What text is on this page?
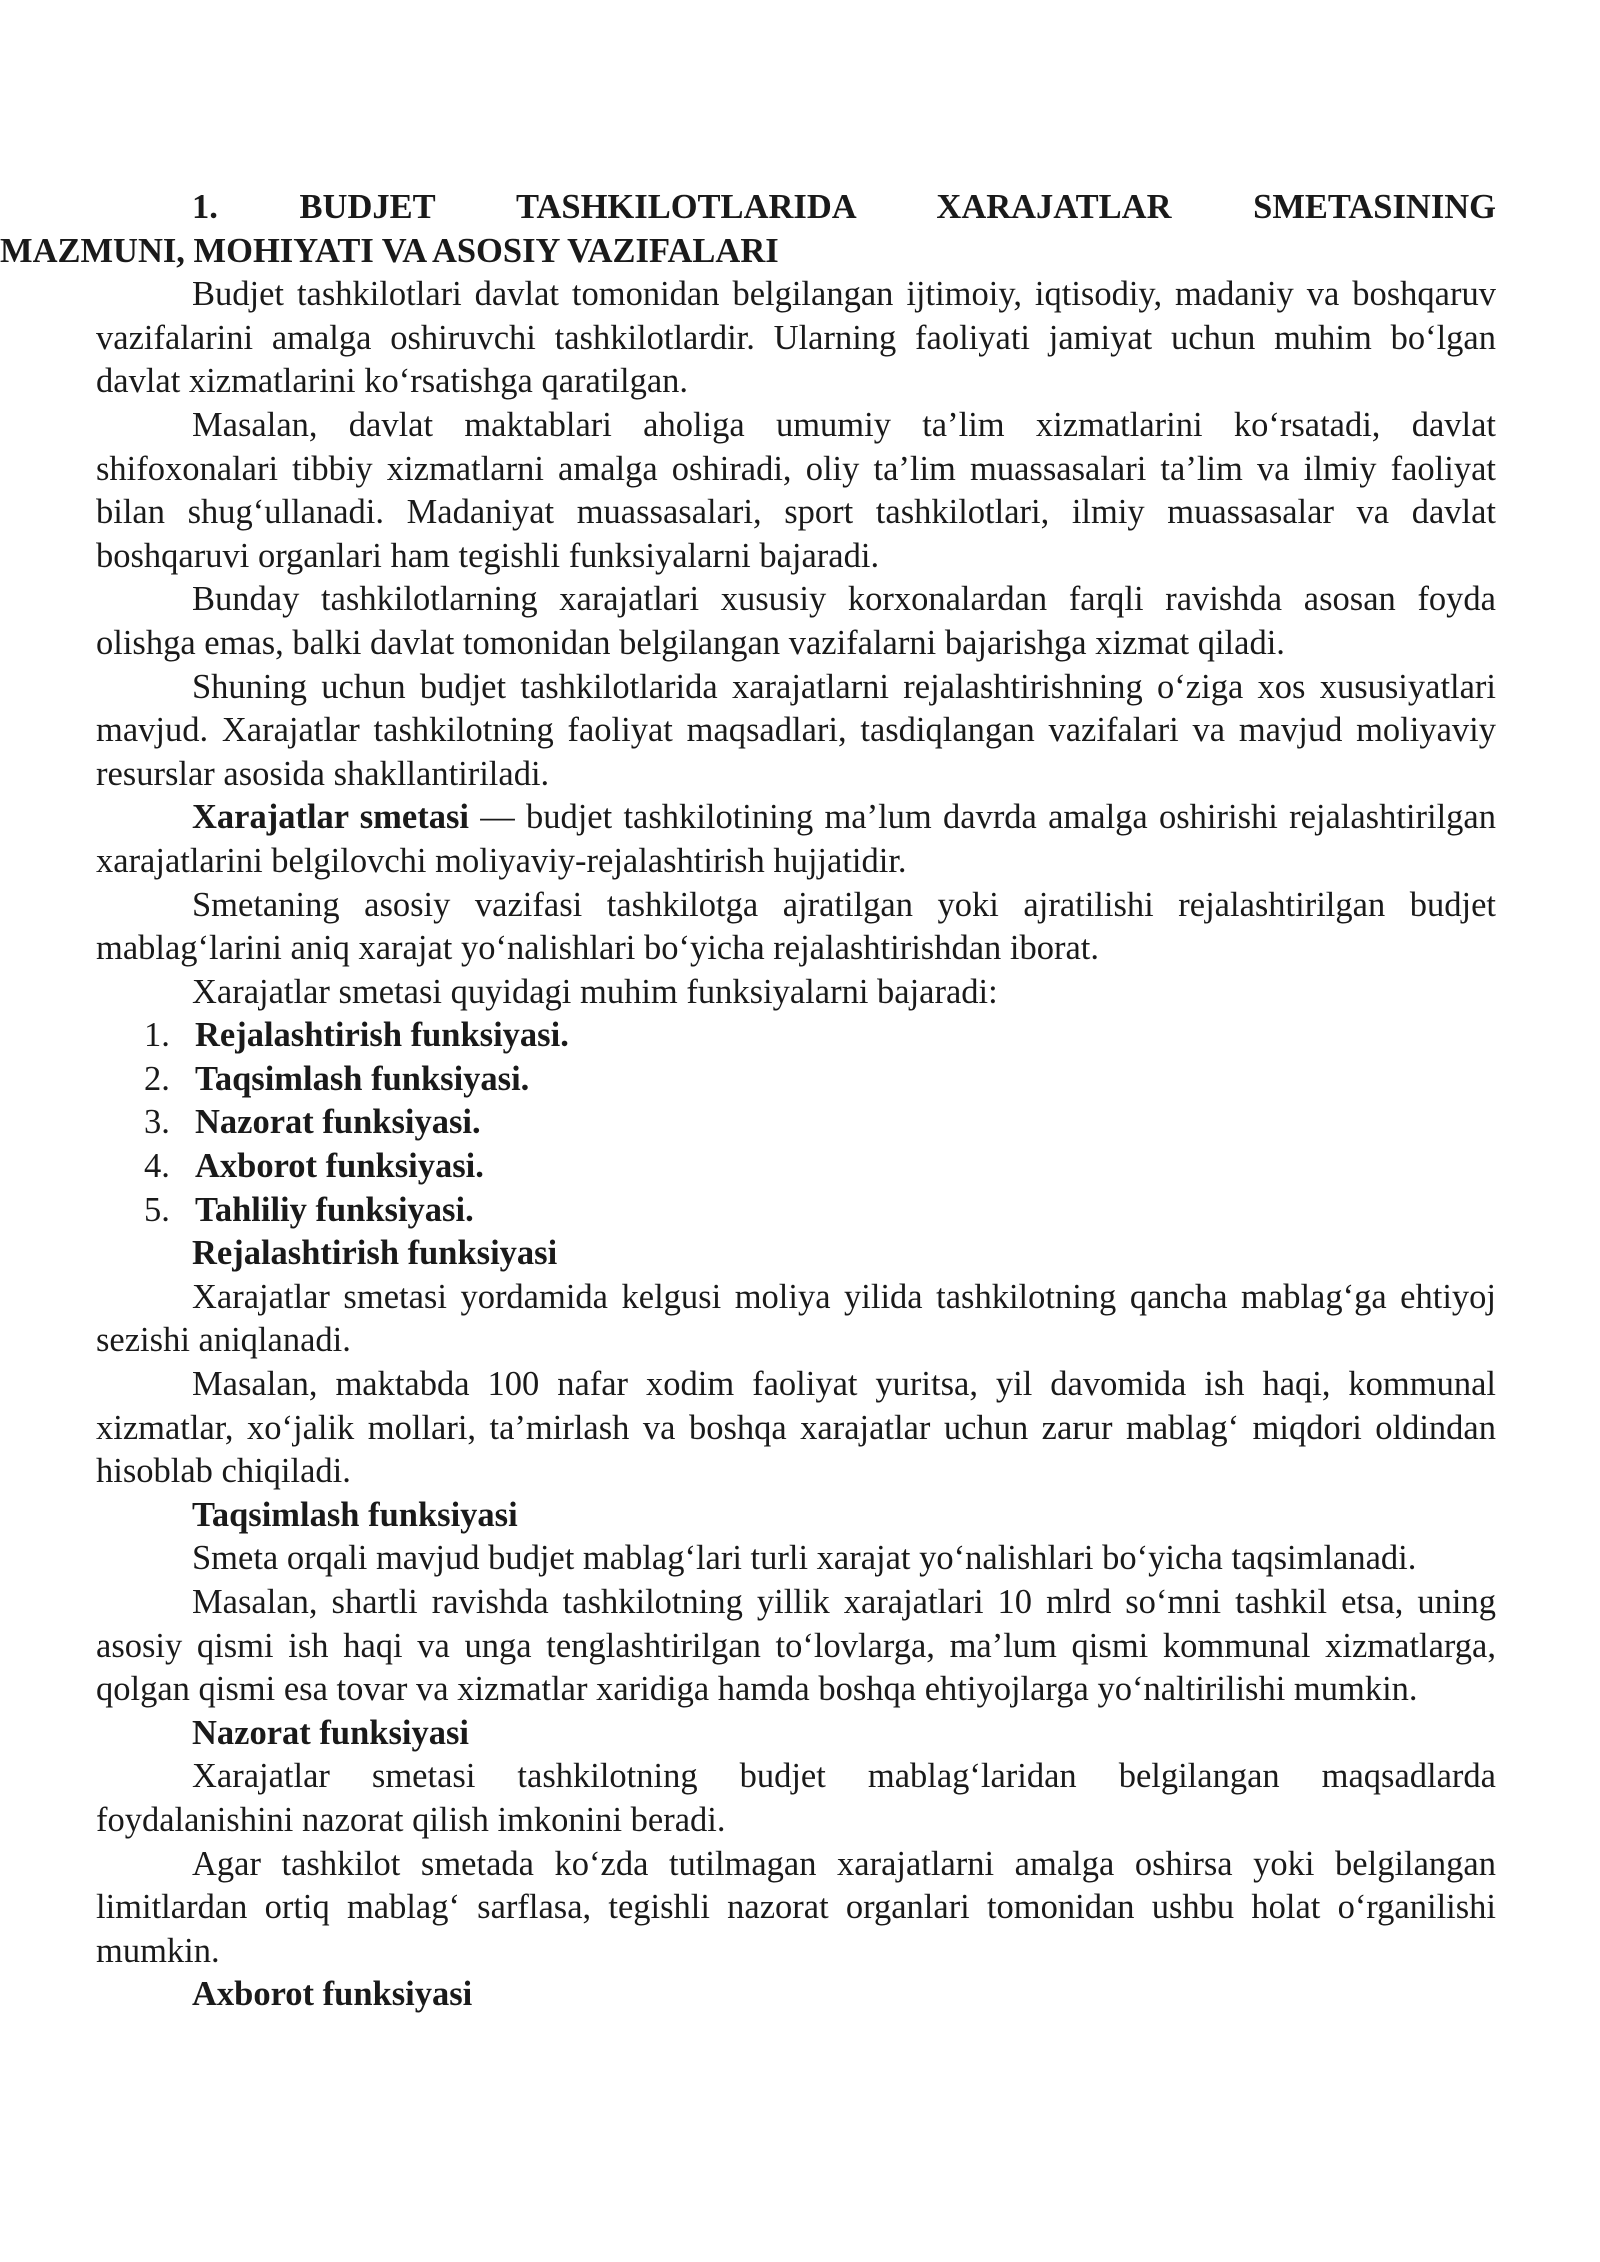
1. BUDJET TASHKILOTLARIDA XARAJATLAR SMETASINING
MAZMUNI, MOHIYATI VA ASOSIY VAZIFALARI

Budjet tashkilotlari davlat tomonidan belgilangan ijtimoiy, iqtisodiy, madaniy va boshqaruv vazifalarini amalga oshiruvchi tashkilotlardir. Ularning faoliyati jamiyat uchun muhim bo‘lgan davlat xizmatlarini ko‘rsatishga qaratilgan.

Masalan, davlat maktablari aholiga umumiy ta’lim xizmatlarini ko‘rsatadi, davlat shifoxonalari tibbiy xizmatlarni amalga oshiradi, oliy ta’lim muassasalari ta’lim va ilmiy faoliyat bilan shug‘ullanadi. Madaniyat muassasalari, sport tashkilotlari, ilmiy muassasalar va davlat boshqaruvi organlari ham tegishli funksiyalarni bajaradi.

Bunday tashkilotlarning xarajatlari xususiy korxonalardan farqli ravishda asosan foyda olishga emas, balki davlat tomonidan belgilangan vazifalarni bajarishga xizmat qiladi.

Shuning uchun budjet tashkilotlarida xarajatlarni rejalashtirishning o‘ziga xos xususiyatlari mavjud. Xarajatlar tashkilotning faoliyat maqsadlari, tasdiqlangan vazifalari va mavjud moliyaviy resurslar asosida shakllantiriladi.

Xarajatlar smetasi — budjet tashkilotining ma’lum davrda amalga oshirishi rejalashtirilgan xarajatlarini belgilovchi moliyaviy-rejalashtirish hujjatidir.

Smetaning asosiy vazifasi tashkilotga ajratilgan yoki ajratilishi rejalashtirilgan budjet mablag‘larini aniq xarajat yo‘nalishlari bo‘yicha rejalashtirishdan iborat.

Xarajatlar smetasi quyidagi muhim funksiyalarni bajaradi:

1. Rejalashtirish funksiyasi.
2. Taqsimlash funksiyasi.
3. Nazorat funksiyasi.
4. Axborot funksiyasi.
5. Tahliliy funksiyasi.

Rejalashtirish funksiyasi

Xarajatlar smetasi yordamida kelgusi moliya yilida tashkilotning qancha mablag‘ga ehtiyoj sezishi aniqlanadi.

Masalan, maktabda 100 nafar xodim faoliyat yuritsa, yil davomida ish haqi, kommunal xizmatlar, xo‘jalik mollari, ta’mirlash va boshqa xarajatlar uchun zarur mablag‘ miqdori oldindan hisoblab chiqiladi.

Taqsimlash funksiyasi

Smeta orqali mavjud budjet mablag‘lari turli xarajat yo‘nalishlari bo‘yicha taqsimlanadi.

Masalan, shartli ravishda tashkilotning yillik xarajatlari 10 mlrd so‘mni tashkil etsa, uning asosiy qismi ish haqi va unga tenglashtirilgan to‘lovlarga, ma’lum qismi kommunal xizmatlarga, qolgan qismi esa tovar va xizmatlar xaridiga hamda boshqa ehtiyojlarga yo‘naltirilishi mumkin.

Nazorat funksiyasi

Xarajatlar smetasi tashkilotning budjet mablag‘laridan belgilangan maqsadlarda foydalanishini nazorat qilish imkonini beradi.

Agar tashkilot smetada ko‘zda tutilmagan xarajatlarni amalga oshirsa yoki belgilangan limitlardan ortiq mablag‘ sarflasa, tegishli nazorat organlari tomonidan ushbu holat o‘rganilishi mumkin.

Axborot funksiyasi
